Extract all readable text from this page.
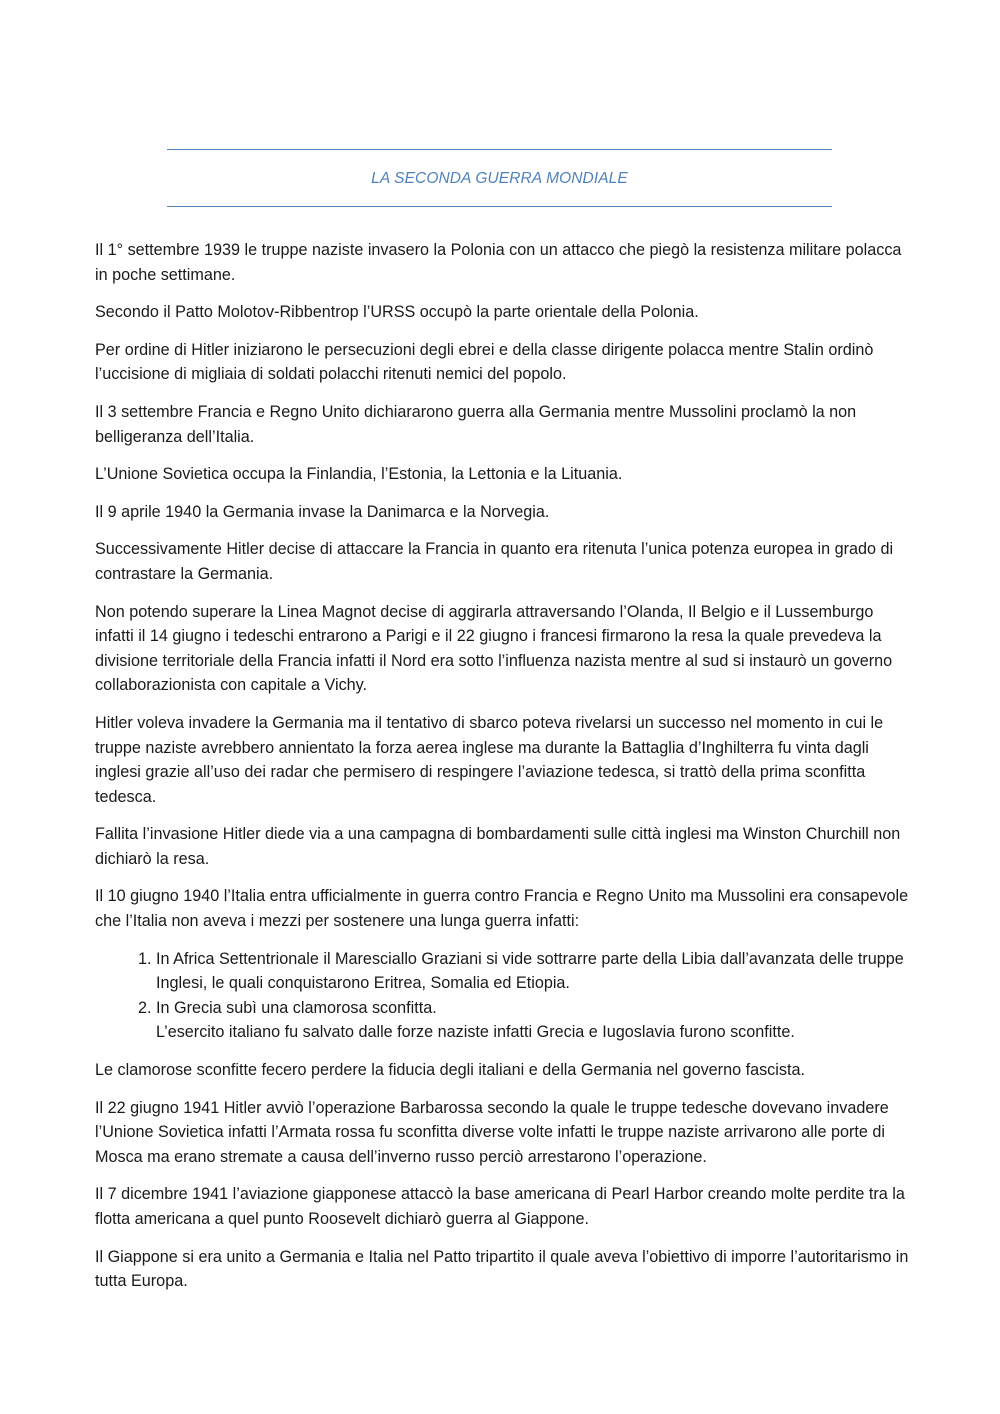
LA SECONDA GUERRA MONDIALE

Il 1° settembre 1939 le truppe naziste invasero la Polonia con un attacco che piegò la resistenza militare polacca in poche settimane.

Secondo il Patto Molotov-Ribbentrop l’URSS occupò la parte orientale della Polonia.

Per ordine di Hitler iniziarono le persecuzioni degli ebrei e della classe dirigente polacca mentre Stalin ordinò l’uccisione di migliaia di soldati polacchi ritenuti nemici del popolo.

Il 3 settembre Francia e Regno Unito dichiararono guerra alla Germania mentre Mussolini proclamò la non belligeranza dell’Italia.

L’Unione Sovietica occupa la Finlandia, l’Estonia, la Lettonia e la Lituania.

Il 9 aprile 1940 la Germania invase la Danimarca e la Norvegia.

Successivamente Hitler decise di attaccare la Francia in quanto era ritenuta l’unica potenza europea in grado di contrastare la Germania.

Non potendo superare la Linea Magnot decise di aggirarla attraversando l’Olanda, Il Belgio e il Lussemburgo infatti il 14 giugno i tedeschi entrarono a Parigi e il 22 giugno i francesi firmarono la resa la quale prevedeva la divisione territoriale della Francia infatti il Nord era sotto l’influenza nazista mentre al sud si instaurò un governo collaborazionista con capitale a Vichy.

Hitler voleva invadere la Germania ma il tentativo di sbarco poteva rivelarsi un successo nel momento in cui le truppe naziste avrebbero annientato la forza aerea inglese ma durante la Battaglia d’Inghilterra fu vinta dagli inglesi grazie all’uso dei radar che permisero di respingere l’aviazione tedesca, si trattò della prima sconfitta tedesca.

Fallita l’invasione Hitler diede via a una campagna di bombardamenti sulle città inglesi ma Winston Churchill non dichiarò la resa.

Il 10 giugno 1940 l’Italia entra ufficialmente in guerra contro Francia e Regno Unito ma Mussolini era consapevole che l’Italia non aveva i mezzi per sostenere una lunga guerra infatti:

1. In Africa Settentrionale il Maresciallo Graziani si vide sottrarre parte della Libia dall’avanzata delle truppe Inglesi, le quali conquistarono Eritrea, Somalia ed Etiopia.
2. In Grecia subì una clamorosa sconfitta.
L’esercito italiano fu salvato dalle forze naziste infatti Grecia e Iugoslavia furono sconfitte.

Le clamorose sconfitte fecero perdere la fiducia degli italiani e della Germania nel governo fascista.

Il 22 giugno 1941 Hitler avviò l’operazione Barbarossa secondo la quale le truppe tedesche dovevano invadere l’Unione Sovietica infatti l’Armata rossa fu sconfitta diverse volte infatti le truppe naziste arrivarono alle porte di Mosca ma erano stremate a causa dell’inverno russo perciò arrestarono l’operazione.

Il 7 dicembre 1941 l’aviazione giapponese attaccò la base americana di Pearl Harbor creando molte perdite tra la flotta americana a quel punto Roosevelt dichiarò guerra al Giappone.

Il Giappone si era unito a Germania e Italia nel Patto tripartito il quale aveva l’obiettivo di imporre l’autoritarismo in tutta Europa.
